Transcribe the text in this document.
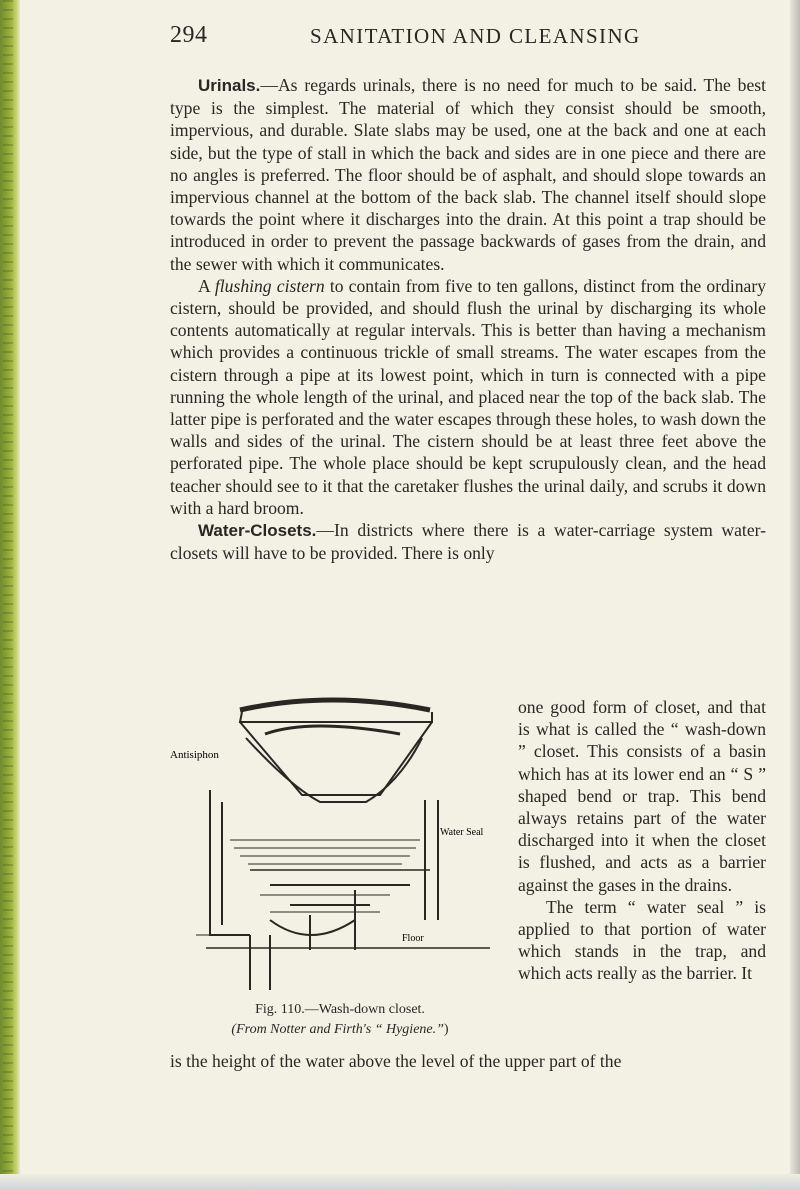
294	SANITATION AND CLEANSING

Urinals.—As regards urinals, there is no need for much to be said. The best type is the simplest. The material of which they consist should be smooth, impervious, and durable. Slate slabs may be used, one at the back and one at each side, but the type of stall in which the back and sides are in one piece and there are no angles is preferred. The floor should be of asphalt, and should slope towards an impervious channel at the bottom of the back slab. The channel itself should slope towards the point where it discharges into the drain. At this point a trap should be introduced in order to prevent the passage backwards of gases from the drain, and the sewer with which it communicates.

A flushing cistern to contain from five to ten gallons, distinct from the ordinary cistern, should be provided, and should flush the urinal by discharging its whole contents automatically at regular intervals. This is better than having a mechanism which provides a continuous trickle of small streams. The water escapes from the cistern through a pipe at its lowest point, which in turn is connected with a pipe running the whole length of the urinal, and placed near the top of the back slab. The latter pipe is perforated and the water escapes through these holes, to wash down the walls and sides of the urinal. The cistern should be at least three feet above the perforated pipe. The whole place should be kept scrupulously clean, and the head teacher should see to it that the caretaker flushes the urinal daily, and scrubs it down with a hard broom.

Water-Closets.—In districts where there is a water-carriage system water-closets will have to be provided. There is only

one good form of closet, and that is what is called the “ wash-down ” closet. This consists of a basin which has at its lower end an “ S ” shaped bend or trap. This bend always retains part of the water discharged into it when the closet is flushed, and acts as a barrier against the gases in the drains.

The term “ water seal ” is applied to that portion of water which stands in the trap, and which acts really as the barrier. It

is the height of the water above the level of the upper part of the
Antisiphon
Water Seal
Floor
Fig. 110.—Wash-down closet.
(From Notter and Firth's “ Hygiene.”)
